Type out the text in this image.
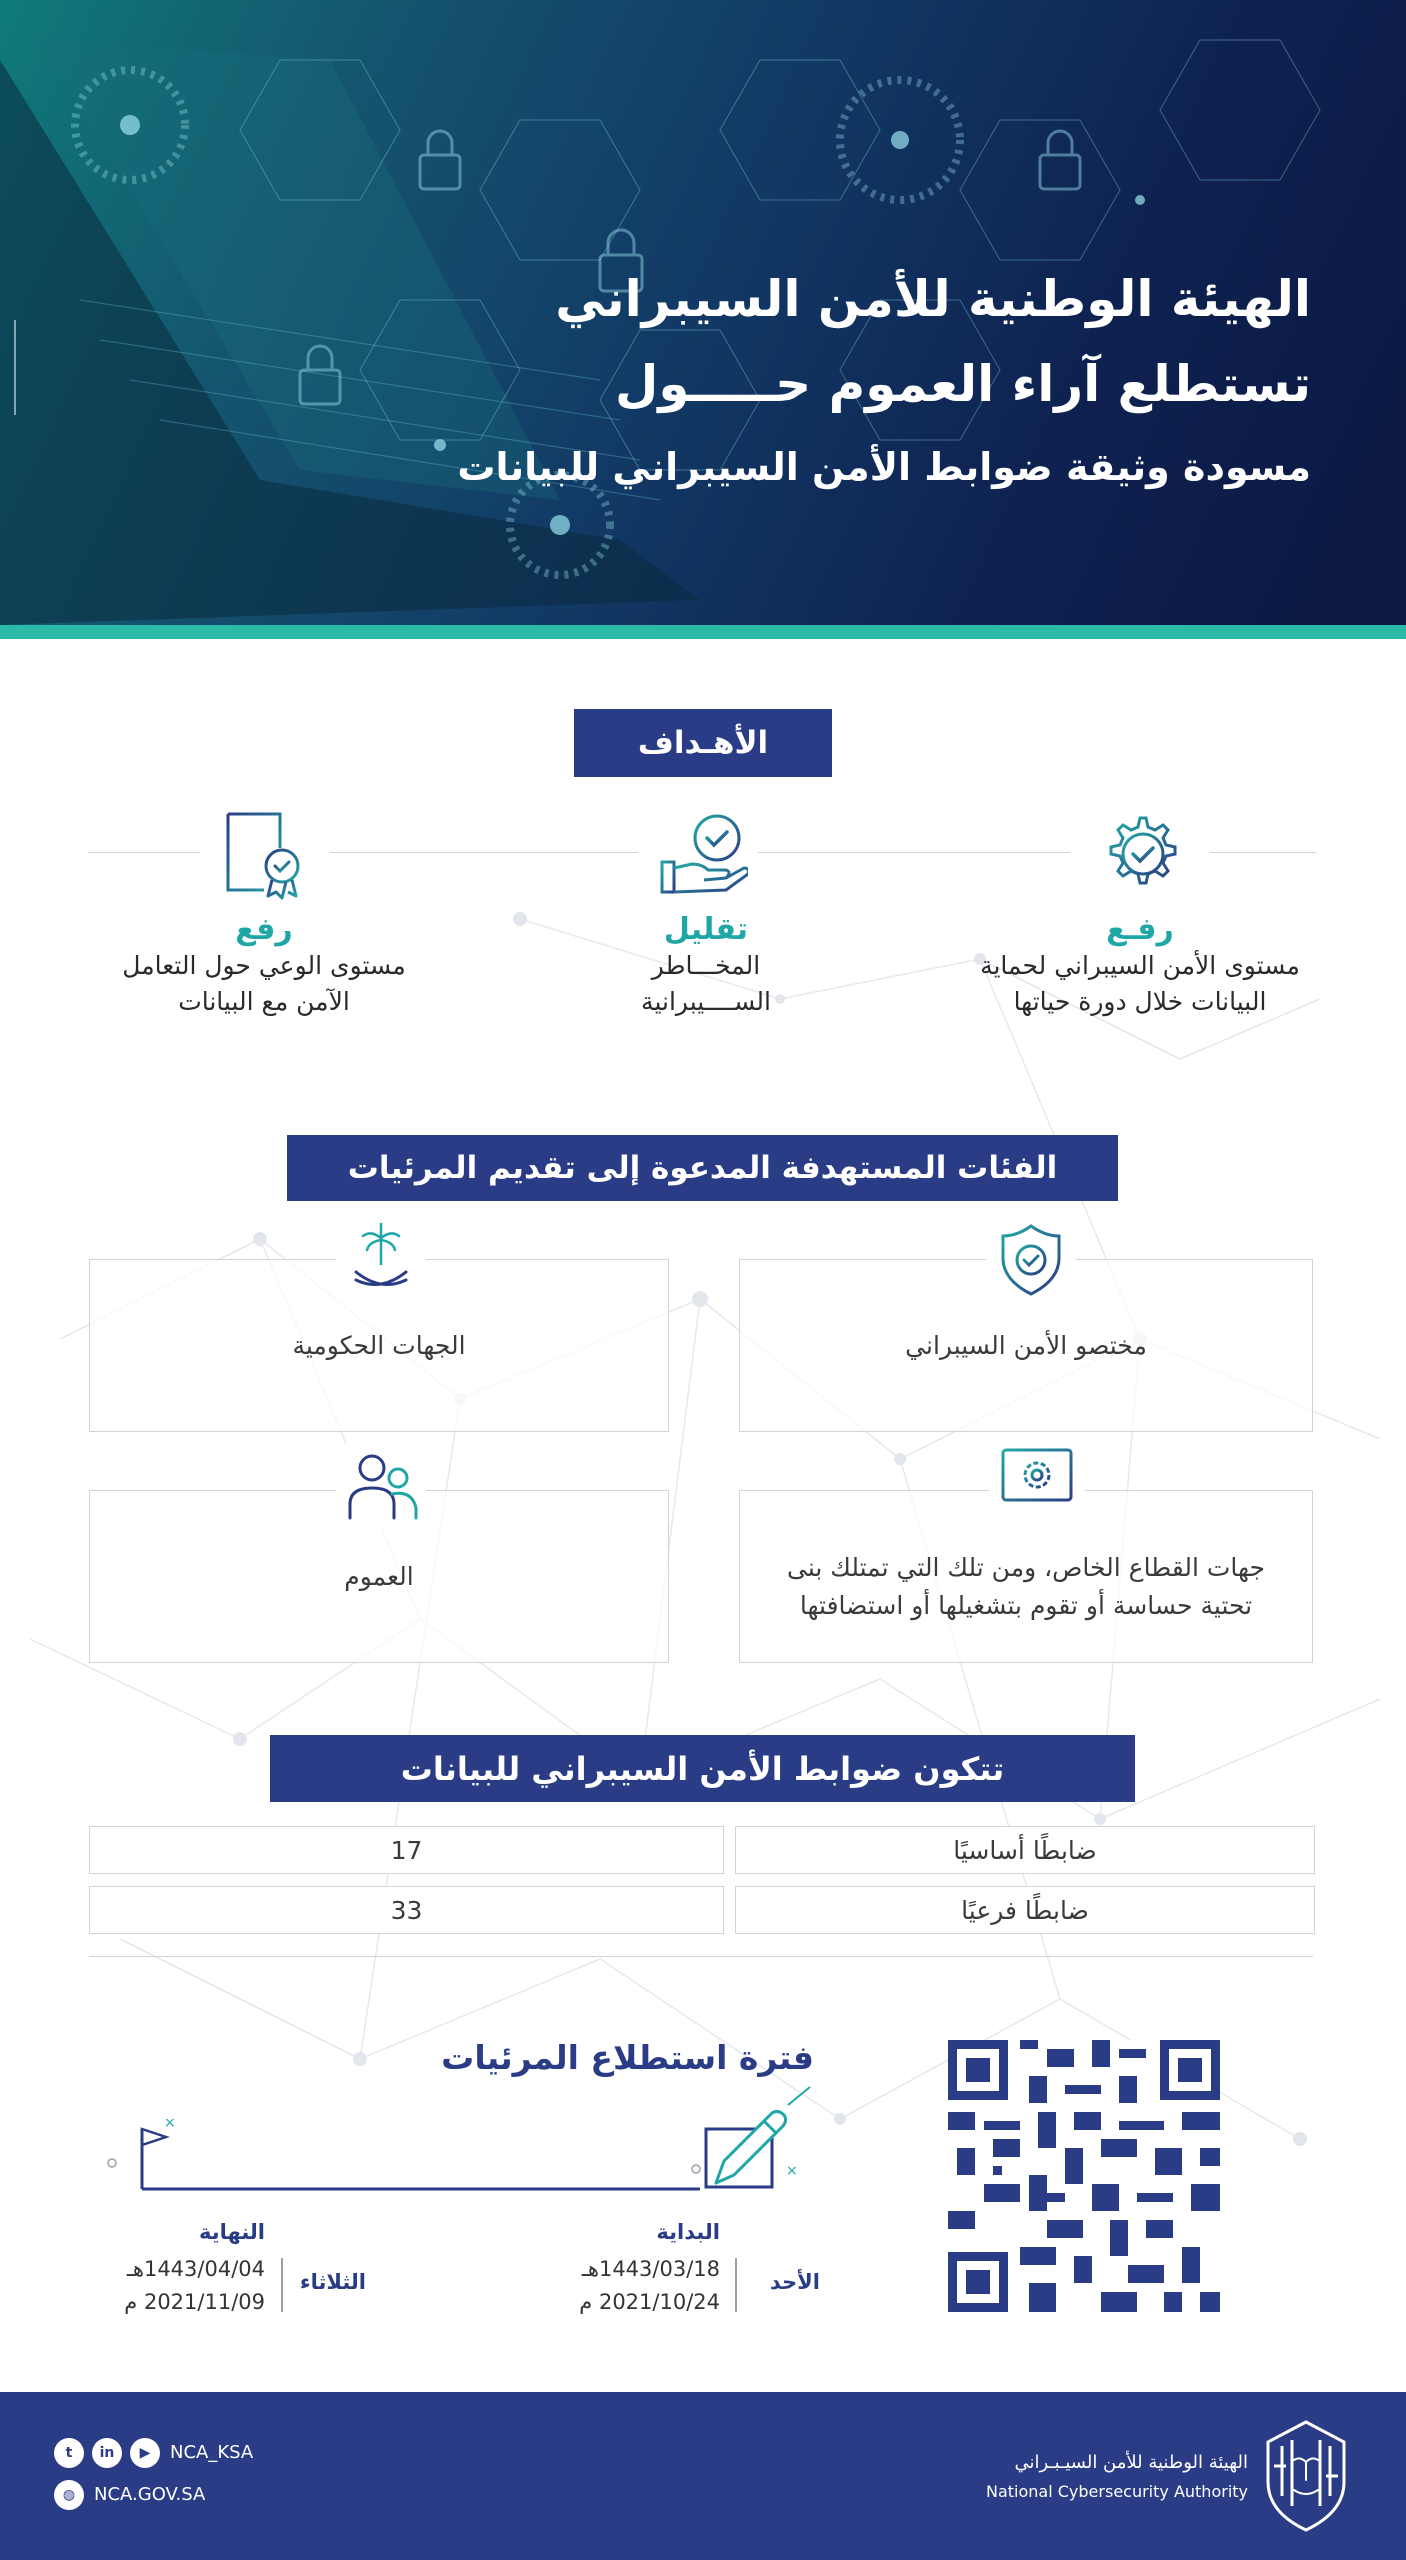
الهيئة الوطنية للأمن السيبراني
تستطلع آراء العموم حـــــول
مسودة وثيقة ضوابط الأمن السيبراني للبيانات
الأهـداف
رفـع
مستوى الأمن السيبراني لحماية
البيانات خلال دورة حياتها
تقليل
المخـــاطر
الســــيبرانية
رفع
مستوى الوعي حول التعامل
الآمن مع البيانات
الفئات المستهدفة المدعوة إلى تقديم المرئيات
مختصو الأمن السيبراني
الجهات الحكومية
جهات القطاع الخاص، ومن تلك التي تمتلك بنى
تحتية حساسة أو تقوم بتشغيلها أو استضافتها
العموم
تتكون ضوابط الأمن السيبراني للبيانات
ضابطًا أساسيًا
17
ضابطًا فرعيًا
33
فترة استطلاع المرئيات
×
×
البداية
1443/03/18هـ
2021/10/24 م
الأحد
النهاية
1443/04/04هـ
2021/11/09 م
الثلاثاء
t	in	▶	NCA_KSA
◍	NCA.GOV.SA
الهيئة الوطنية للأمن السيـبـراني
National Cybersecurity Authority
